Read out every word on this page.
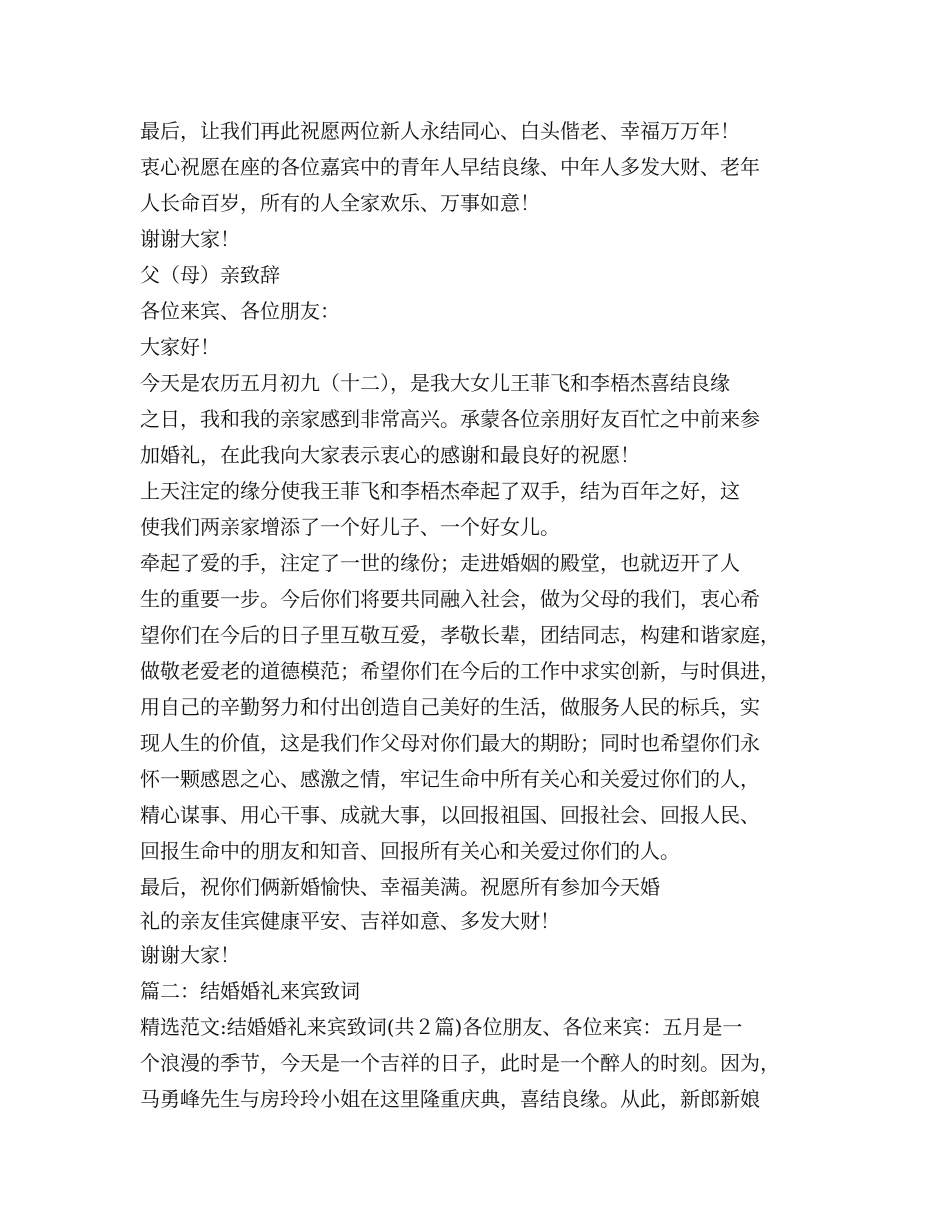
最后，让我们再此祝愿两位新人永结同心、白头偕老、幸福万万年！
衷心祝愿在座的各位嘉宾中的青年人早结良缘、中年人多发大财、老年
人长命百岁，所有的人全家欢乐、万事如意！
谢谢大家！
父（母）亲致辞
各位来宾、各位朋友：
大家好！
今天是农历五月初九（十二），是我大女儿王菲飞和李梧杰喜结良缘
之日，我和我的亲家感到非常高兴。承蒙各位亲朋好友百忙之中前来参
加婚礼，在此我向大家表示衷心的感谢和最良好的祝愿！
上天注定的缘分使我王菲飞和李梧杰牵起了双手，结为百年之好，这
使我们两亲家增添了一个好儿子、一个好女儿。
牵起了爱的手，注定了一世的缘份；走进婚姻的殿堂，也就迈开了人
生的重要一步。今后你们将要共同融入社会，做为父母的我们，衷心希
望你们在今后的日子里互敬互爱，孝敬长辈，团结同志，构建和谐家庭，
做敬老爱老的道德模范；希望你们在今后的工作中求实创新，与时俱进，
用自己的辛勤努力和付出创造自己美好的生活，做服务人民的标兵，实
现人生的价值，这是我们作父母对你们最大的期盼；同时也希望你们永
怀一颗感恩之心、感激之情，牢记生命中所有关心和关爱过你们的人，
精心谋事、用心干事、成就大事，以回报祖国、回报社会、回报人民、
回报生命中的朋友和知音、回报所有关心和关爱过你们的人。
最后，祝你们俩新婚愉快、幸福美满。祝愿所有参加今天婚
礼的亲友佳宾健康平安、吉祥如意、多发大财！
谢谢大家！
篇二：结婚婚礼来宾致词
精选范文:结婚婚礼来宾致词(共２篇)各位朋友、各位来宾：五月是一
个浪漫的季节，今天是一个吉祥的日子，此时是一个醉人的时刻。因为，
马勇峰先生与房玲玲小姐在这里隆重庆典，喜结良缘。从此，新郎新娘
